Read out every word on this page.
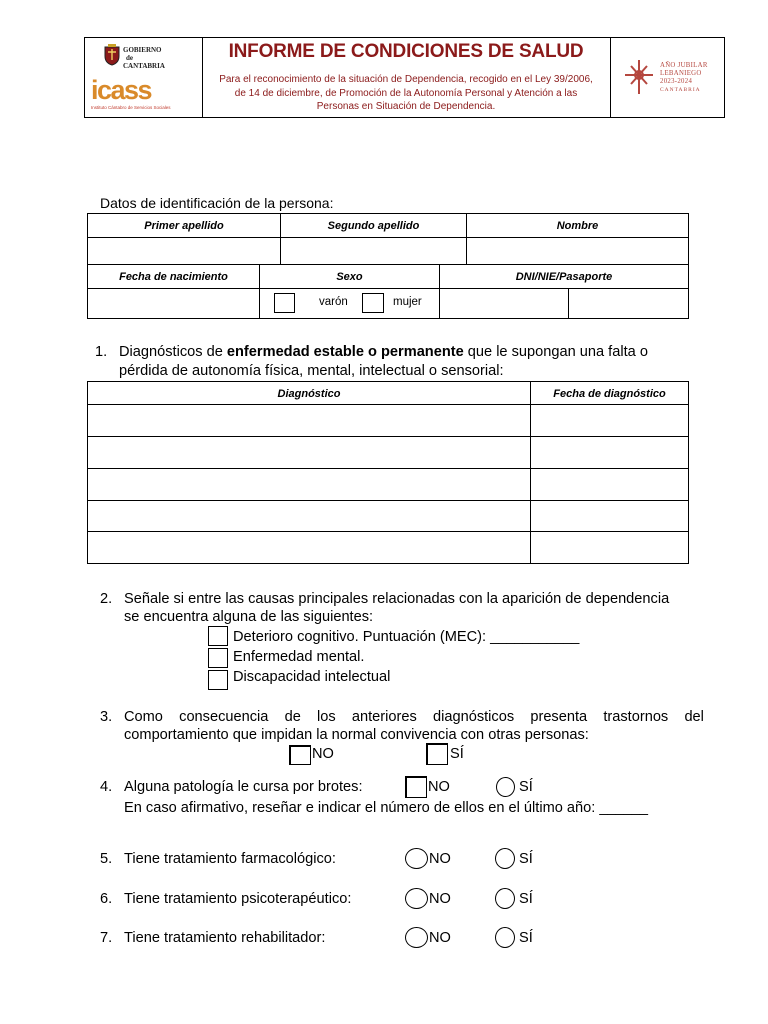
GOBIERNO
de
CANTABRIA
icass
Instituto Cántabro de Servicios Sociales
INFORME DE CONDICIONES DE SALUD
Para el reconocimiento de la situación de Dependencia, recogido en el Ley 39/2006,
de 14 de diciembre, de Promoción de la Autonomía Personal y Atención a las
Personas en Situación de Dependencia.
AÑO JUBILAR
LEBANIEGO
2023-2024
CANTABRIA
Datos de identificación de la persona:
Primer apellido	Segundo apellido	Nombre
Fecha de nacimiento	Sexo	DNI/NIE/Pasaporte
varón	mujer
1. Diagnósticos de enfermedad estable o permanente que le supongan una falta o
pérdida de autonomía física, mental, intelectual o sensorial:
Diagnóstico	Fecha de diagnóstico
2. Señale si entre las causas principales relacionadas con la aparición de dependencia
se encuentra alguna de las siguientes:
Deterioro cognitivo. Puntuación (MEC): ___________
Enfermedad mental.
Discapacidad intelectual
3. Como consecuencia de los anteriores diagnósticos presenta trastornos del
comportamiento que impidan la normal convivencia con otras personas:
NO	SÍ
4. Alguna patología le cursa por brotes:	NO	SÍ
En caso afirmativo, reseñar e indicar el número de ellos en el último año: ______
5. Tiene tratamiento farmacológico:	NO	SÍ
6. Tiene tratamiento psicoterapéutico:	NO	SÍ
7. Tiene tratamiento rehabilitador:	NO	SÍ
